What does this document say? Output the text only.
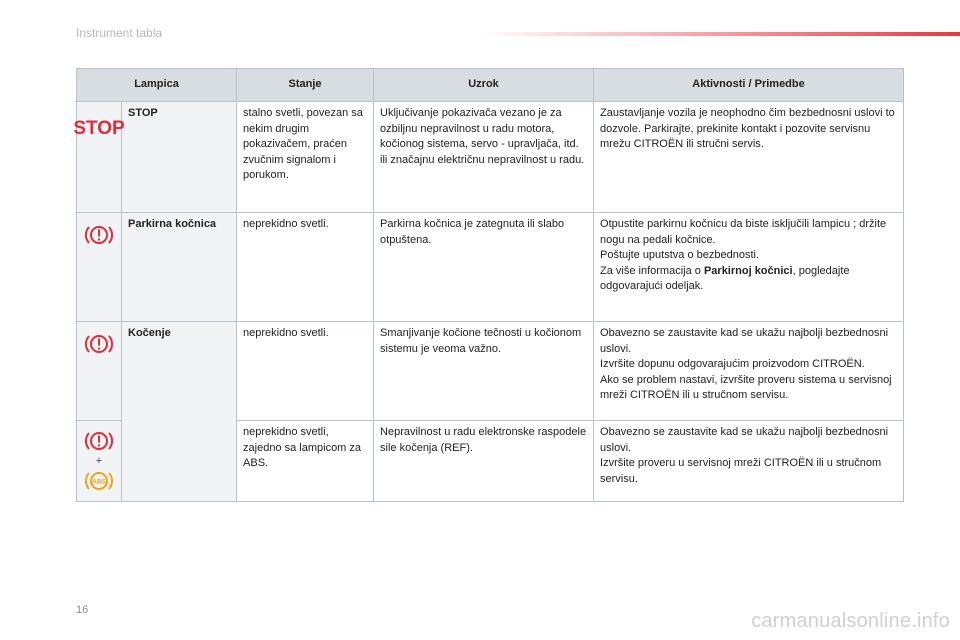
Instrument tabla
Lampica		Stanje	Uzrok	Aktivnosti / Primedbe

STOP	STOP	stalno svetli, povezan sa nekim drugim pokazivačem, praćen zvučnim signalom i porukom.	Uključivanje pokazivača vezano je za ozbiljnu nepravilnost u radu motora, kočionog sistema, servo - upravljača, itd. ili značajnu električnu nepravilnost u radu.	Zaustavljanje vozila je neophodno čim bezbednosni uslovi to dozvole. Parkirajte, prekinite kontakt i pozovite servisnu mrežu CITROËN ili stručni servis.

	Parkirna kočnica	neprekidno svetli.	Parkirna kočnica je zategnuta ili slabo otpuštena.	Otpustite parkirnu kočnicu da biste isključili lampicu ; držite nogu na pedali kočnice.
Poštujte uputstva o bezbednosti.
Za više informacija o Parkirnoj kočnici, pogledajte odgovarajući odeljak.

	Kočenje	neprekidno svetli.	Smanjivanje kočione tečnosti u kočionom sistemu je veoma važno.	Obavezno se zaustavite kad se ukažu najbolji bezbednosni uslovi.
Izvršite dopunu odgovarajućim proizvodom CITROËN.
Ako se problem nastavi, izvršite proveru sistema u servisnoj mreži CITROËN ili u stručnom servisu.

+
ABS		neprekidno svetli, zajedno sa lampicom za ABS.	Nepravilnost u radu elektronske raspodele sile kočenja (REF).	Obavezno se zaustavite kad se ukažu najbolji bezbednosni uslovi.
Izvršite proveru u servisnoj mreži CITROËN ili u stručnom servisu.
16	carmanualsonline.info
